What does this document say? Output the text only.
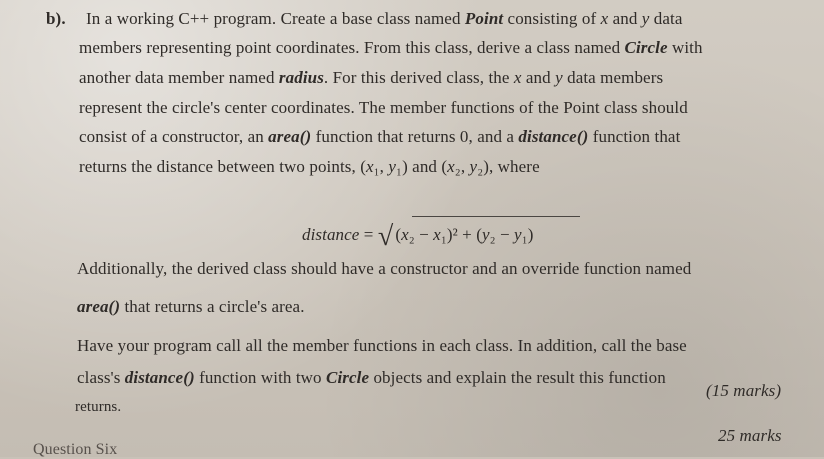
b). In a working C++ program. Create a base class named Point consisting of x and y data
members representing point coordinates. From this class, derive a class named Circle with
another data member named radius. For this derived class, the x and y data members
represent the circle's center coordinates. The member functions of the Point class should
consist of a constructor, an area() function that returns 0, and a distance() function that
returns the distance between two points, (x₁, y₁) and (x₂, y₂), where
distance = √ (x₂ − x₁)² + (y₂ − y₁)
Additionally, the derived class should have a constructor and an override function named
area() that returns a circle's area.
Have your program call all the member functions in each class. In addition, call the base
class's distance() function with two Circle objects and explain the result this function
(15 marks)
returns.
25 marks
Question Six
